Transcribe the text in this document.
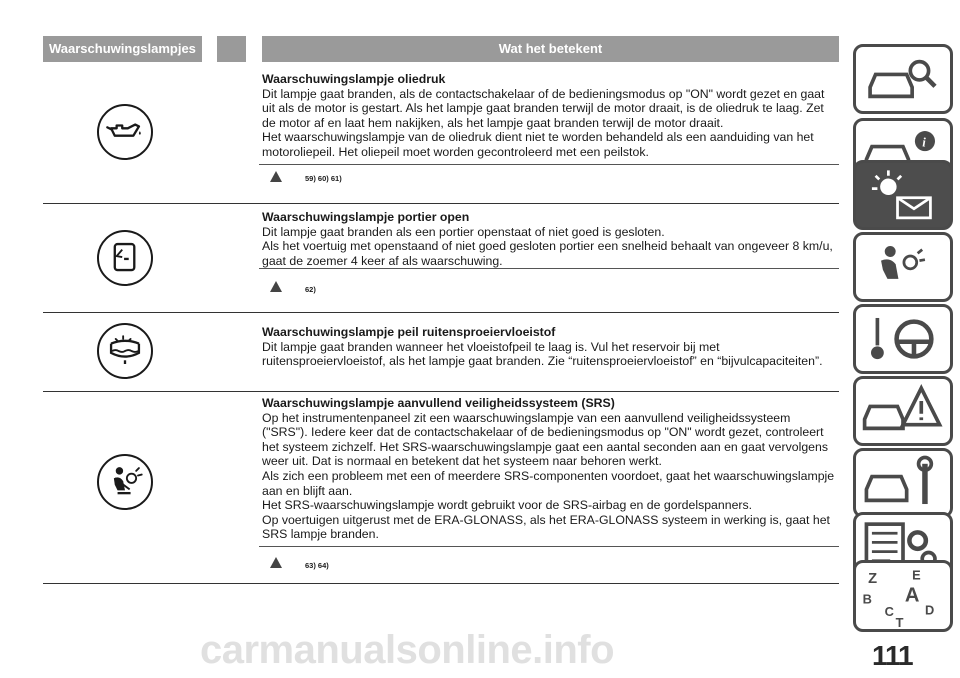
Waarschuwingslampjes	Wat het betekent
Waarschuwingslampje oliedruk
Dit lampje gaat branden, als de contactschakelaar of de bedieningsmodus op "ON" wordt gezet en gaat uit als de motor is gestart. Als het lampje gaat branden terwijl de motor draait, is de oliedruk te laag. Zet de motor af en laat hem nakijken, als het lampje gaat branden terwijl de motor draait.
Het waarschuwingslampje van de oliedruk dient niet te worden behandeld als een aanduiding van het motoroliepeil. Het oliepeil moet worden gecontroleerd met een peilstok.
59) 60) 61)
Waarschuwingslampje portier open
Dit lampje gaat branden als een portier openstaat of niet goed is gesloten.
Als het voertuig met openstaand of niet goed gesloten portier een snelheid behaalt van ongeveer 8 km/u, gaat de zoemer 4 keer af als waarschuwing.
62)
Waarschuwingslampje peil ruitensproeiervloeistof
Dit lampje gaat branden wanneer het vloeistofpeil te laag is. Vul het reservoir bij met ruitensproeiervloeistof, als het lampje gaat branden. Zie “ruitensproeiervloeistof” en “bijvulcapaciteiten”.
Waarschuwingslampje aanvullend veiligheidssysteem (SRS)
Op het instrumentenpaneel zit een waarschuwingslampje van een aanvullend veiligheidssysteem ("SRS"). Iedere keer dat de contactschakelaar of de bedieningsmodus op "ON" wordt gezet, controleert het systeem zichzelf. Het SRS-waarschuwingslampje gaat een aantal seconden aan en gaat vervolgens weer uit. Dat is normaal en betekent dat het systeem naar behoren werkt.
Als zich een probleem met een of meerdere SRS-componenten voordoet, gaat het waarschuwingslampje aan en blijft aan.
Het SRS-waarschuwingslampje wordt gebruikt voor de SRS-airbag en de gordelspanners.
Op voertuigen uitgerust met de ERA-GLONASS, als het ERA-GLONASS systeem in werking is, gaat het SRS lampje branden.
63) 64)
i
Z	E
B A
C D
T
carmanualsonline.info	111
